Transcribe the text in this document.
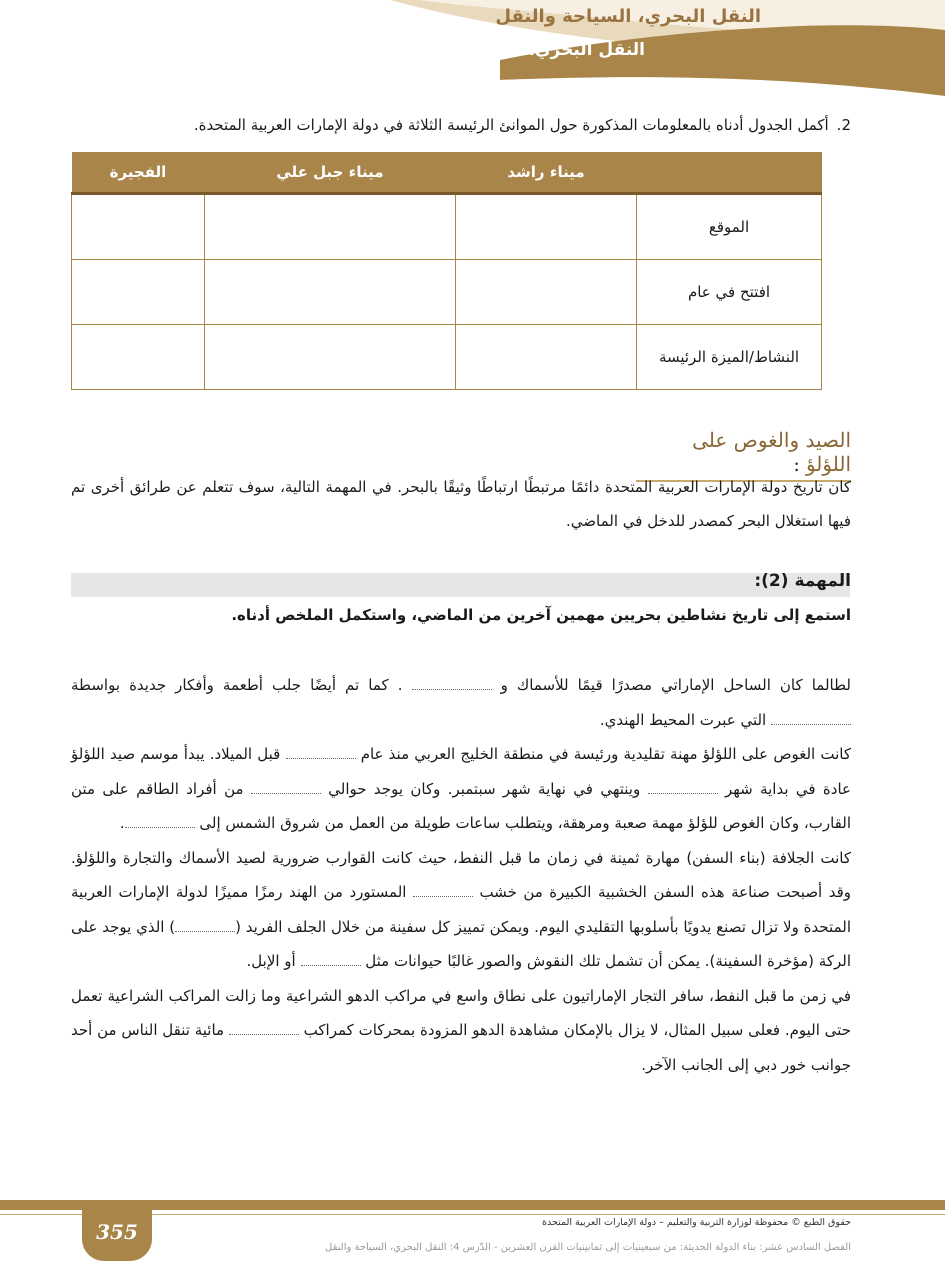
النقل البحري، السياحة والنقل
النقل البحري، السياحة والنقل
2.أكمل الجدول أدناه بالمعلومات المذكورة حول الموانئ الرئيسة الثلاثة في دولة الإمارات العربية المتحدة.
	ميناء راشد	ميناء جبل علي	الفجيرة
الموقع			
افتتح في عام			
النشاط/الميزة الرئيسة			
الصيد والغوص على اللؤلؤ:
كان تاريخ دولة الإمارات العربية المتحدة دائمًا مرتبطًا ارتباطًا وثيقًا بالبحر. في المهمة التالية، سوف تتعلم عن طرائق أخرى تم فيها استغلال البحر كمصدر للدخل في الماضي.
المهمة (2):
استمع إلى تاريخ نشاطين بحريين مهمين آخرين من الماضي، واستكمل الملخص أدناه.
لطالما كان الساحل الإماراتي مصدرًا قيمًا للأسماك و  . كما تم أيضًا جلب أطعمة وأفكار جديدة بواسطة  التي عبرت المحيط الهندي.
كانت الغوص على اللؤلؤ مهنة تقليدية ورئيسة في منطقة الخليج العربي منذ عام  قبل الميلاد. يبدأ موسم صيد اللؤلؤ عادة في بداية شهر  وينتهي في نهاية شهر سبتمبر. وكان يوجد حوالي  من أفراد الطاقم على متن القارب، وكان الغوص للؤلؤ مهمة صعبة ومرهقة، ويتطلب ساعات طويلة من العمل من شروق الشمس إلى .
كانت الجلافة (بناء السفن) مهارة ثمينة في زمان ما قبل النفط، حيث كانت القوارب ضرورية لصيد الأسماك والتجارة واللؤلؤ. وقد أصبحت صناعة هذه السفن الخشبية الكبيرة من خشب  المستورد من الهند رمزًا مميزًا لدولة الإمارات العربية المتحدة ولا تزال تصنع يدويًا بأسلوبها التقليدي اليوم. ويمكن تمييز كل سفينة من خلال الجلف الفريد () الذي يوجد على الركة (مؤخرة السفينة). يمكن أن تشمل تلك النقوش والصور غالبًا حيوانات مثل  أو الإبل.
في زمن ما قبل النفط، سافر التجار الإماراتيون على نطاق واسع في مراكب الدهو الشراعية وما زالت المراكب الشراعية تعمل حتى اليوم. فعلى سبيل المثال، لا يزال بالإمكان مشاهدة الدهو المزودة بمحركات كمراكب  مائية تنقل الناس من أحد جوانب خور دبي إلى الجانب الآخر.
355	حقوق الطبع © محفوظة لوزارة التربية والتعليم – دولة الإمارات العربية المتحدة
الفصل السادس عشر: بناء الدولة الحديثة: من سبعينيات إلى ثمانينيات القرن العشرين - الدّرس 4: النقل البحري، السياحة والنقل
